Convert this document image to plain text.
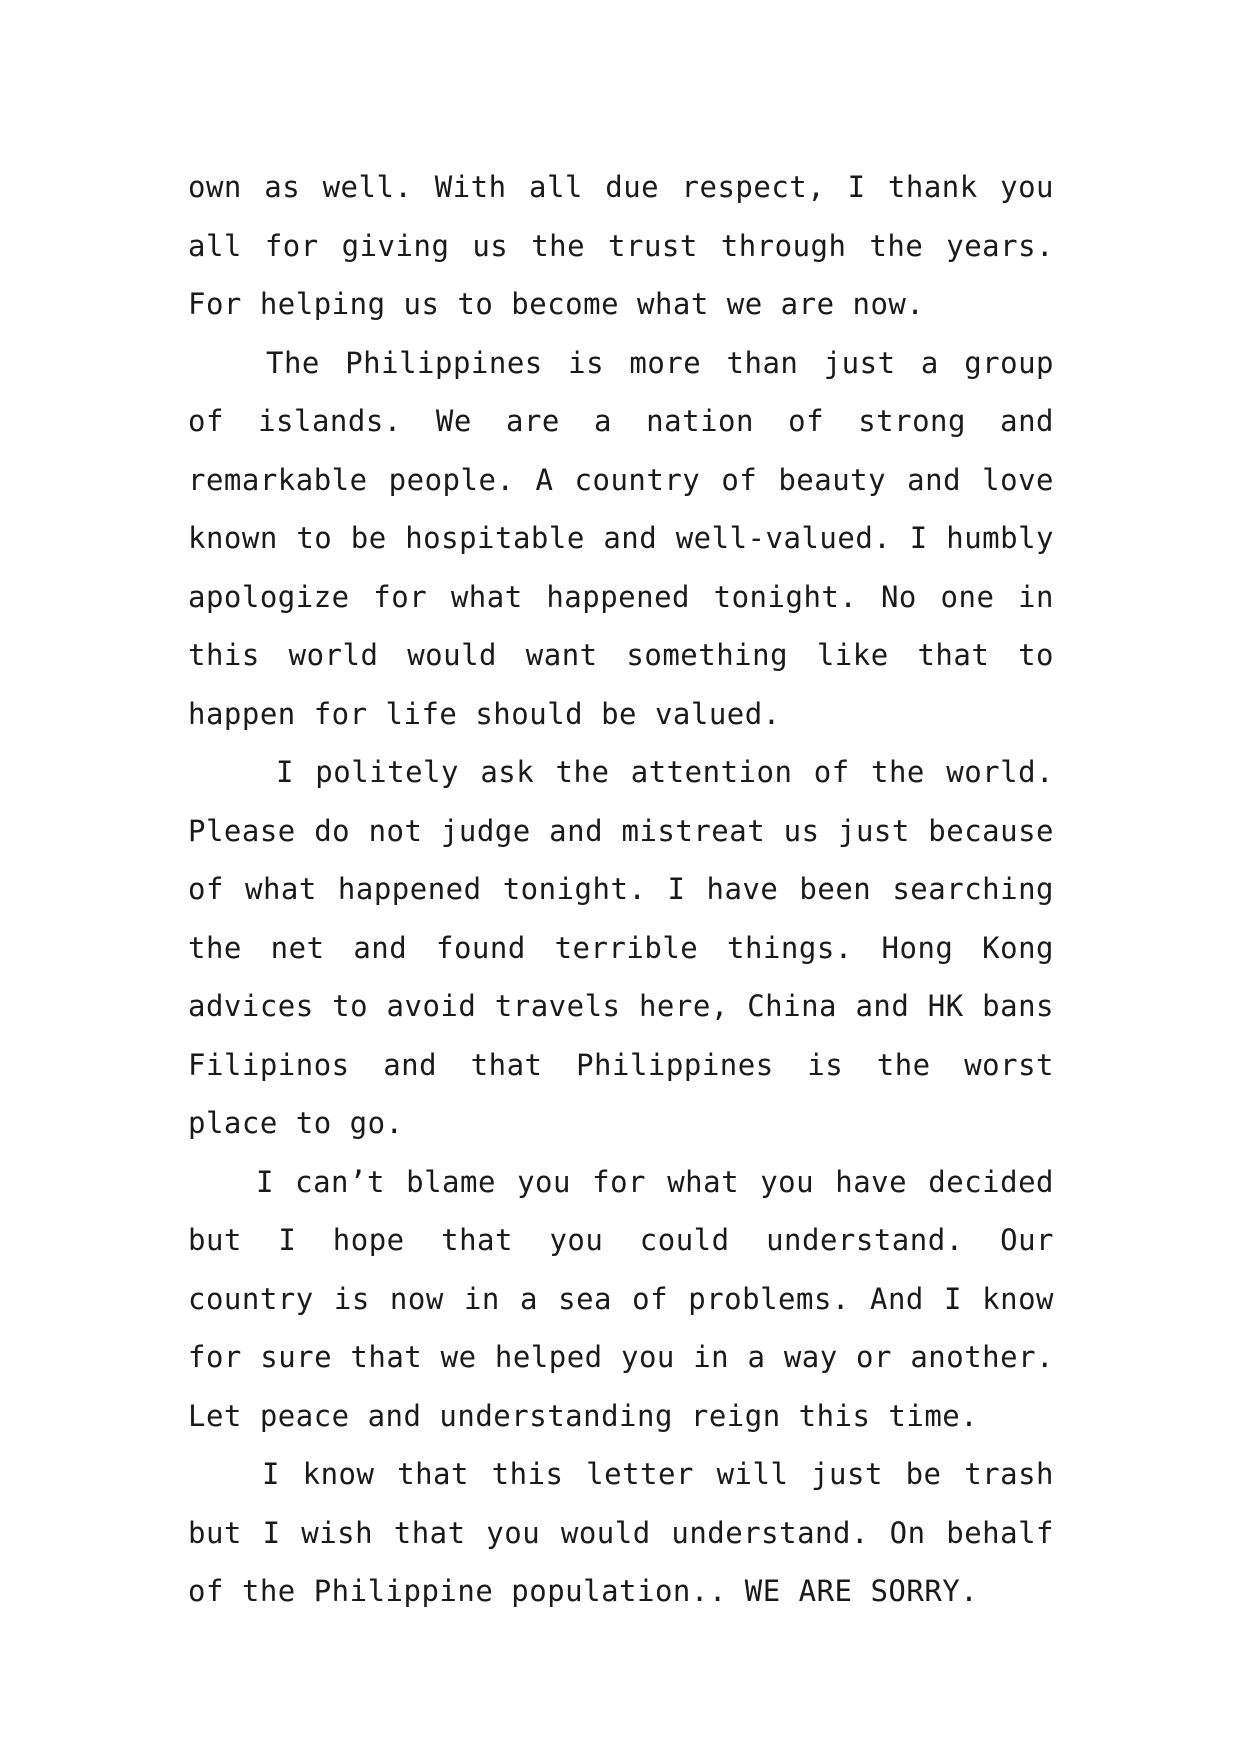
own as well. With all due respect, I thank you all for giving us the trust through the years. For helping us to become what we are now.

The Philippines is more than just a group of islands. We are a nation of strong and remarkable people. A country of beauty and love known to be hospitable and well-valued. I humbly apologize for what happened tonight. No one in this world would want something like that to happen for life should be valued.

I politely ask the attention of the world. Please do not judge and mistreat us just because of what happened tonight. I have been searching the net and found terrible things. Hong Kong advices to avoid travels here, China and HK bans Filipinos and that Philippines is the worst place to go.

I can’t blame you for what you have decided but I hope that you could understand. Our country is now in a sea of problems. And I know for sure that we helped you in a way or another. Let peace and understanding reign this time.

I know that this letter will just be trash but I wish that you would understand. On behalf of the Philippine population.. WE ARE SORRY.
